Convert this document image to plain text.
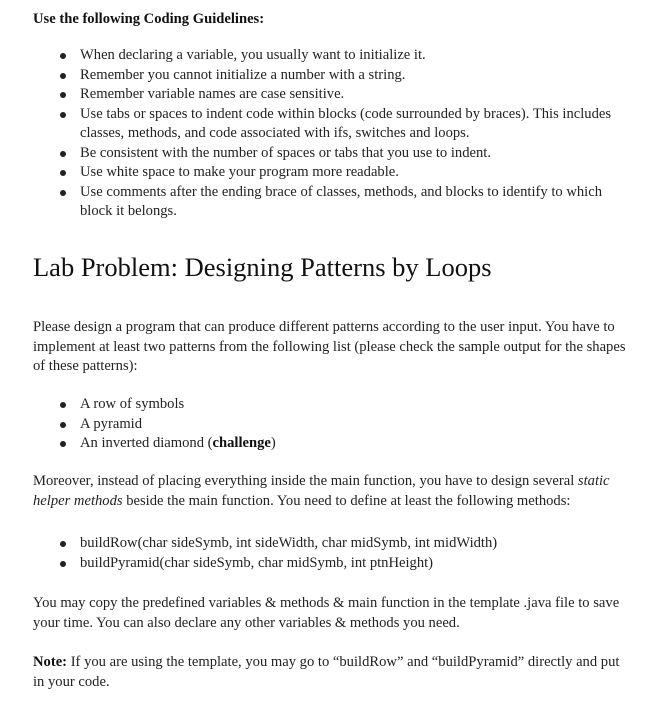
Use the following Coding Guidelines:
When declaring a variable, you usually want to initialize it.
Remember you cannot initialize a number with a string.
Remember variable names are case sensitive.
Use tabs or spaces to indent code within blocks (code surrounded by braces). This includes classes, methods, and code associated with ifs, switches and loops.
Be consistent with the number of spaces or tabs that you use to indent.
Use white space to make your program more readable.
Use comments after the ending brace of classes, methods, and blocks to identify to which block it belongs.
Lab Problem: Designing Patterns by Loops

Please design a program that can produce different patterns according to the user input. You have to implement at least two patterns from the following list (please check the sample output for the shapes of these patterns):

A row of symbols
A pyramid
An inverted diamond (challenge)

Moreover, instead of placing everything inside the main function, you have to design several static helper methods beside the main function. You need to define at least the following methods:

buildRow(char sideSymb, int sideWidth, char midSymb, int midWidth)
buildPyramid(char sideSymb, char midSymb, int ptnHeight)

You may copy the predefined variables & methods & main function in the template .java file to save your time. You can also declare any other variables & methods you need.

Note: If you are using the template, you may go to “buildRow” and “buildPyramid” directly and put in your code.
